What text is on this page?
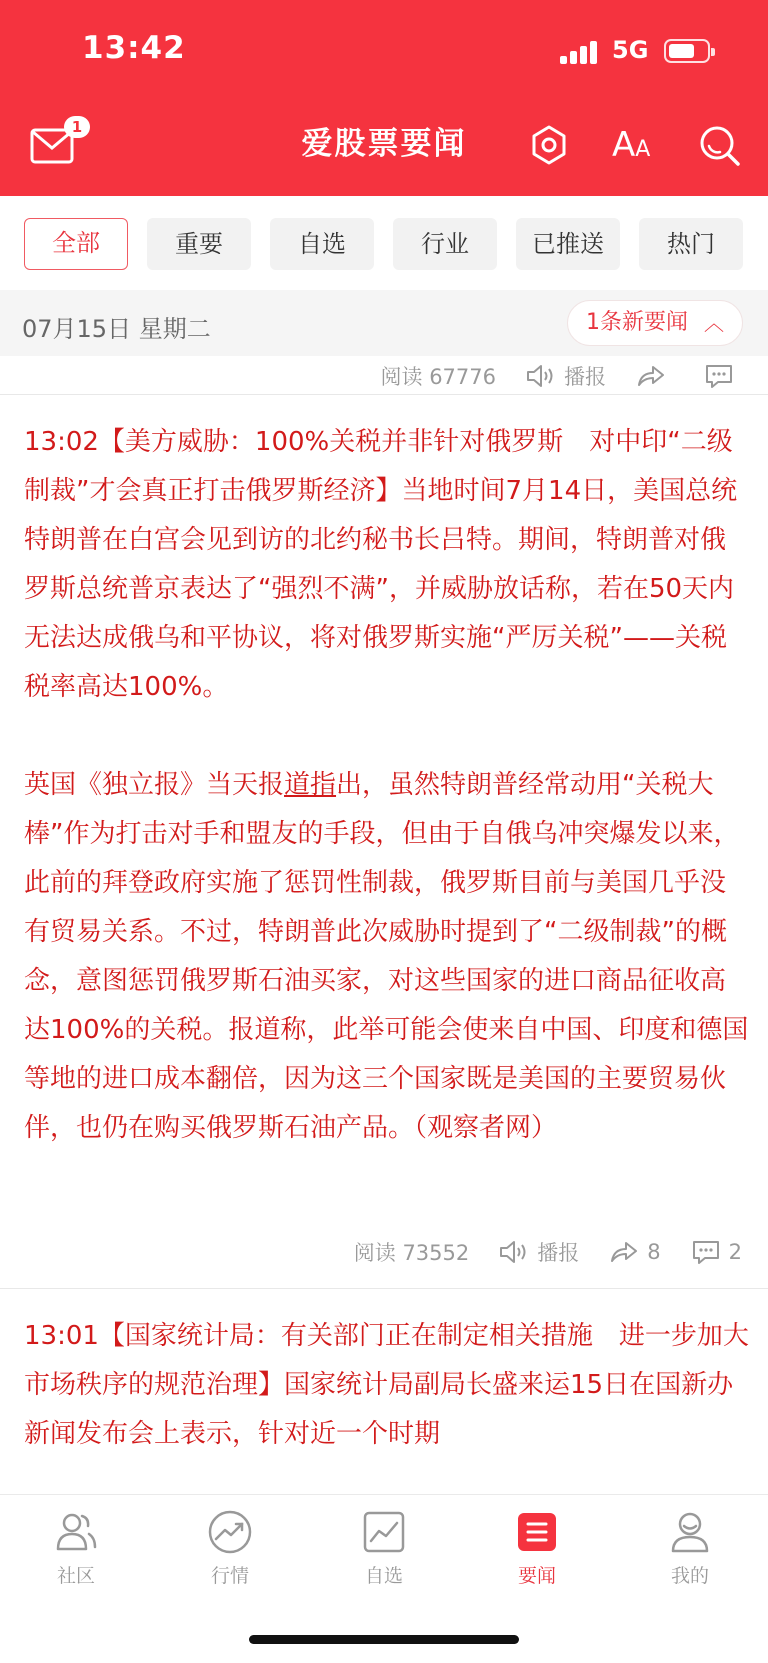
13:42	5G
1	爱股票要闻	AA
全部	重要	自选	行业	已推送	热门
07月15日 星期二	1条新要闻 ︿
阅读 67776	播报

13:02【美方威胁：100%关税并非针对俄罗斯　对中印“二级制裁”才会真正打击俄罗斯经济】当地时间7月14日，美国总统特朗普在白宫会见到访的北约秘书长吕特。期间，特朗普对俄罗斯总统普京表达了“强烈不满”，并威胁放话称，若在50天内无法达成俄乌和平协议，将对俄罗斯实施“严厉关税”——关税税率高达100%。

英国《独立报》当天报道指出，虽然特朗普经常动用“关税大棒”作为打击对手和盟友的手段，但由于自俄乌冲突爆发以来，此前的拜登政府实施了惩罚性制裁，俄罗斯目前与美国几乎没有贸易关系。不过，特朗普此次威胁时提到了“二级制裁”的概念，意图惩罚俄罗斯石油买家，对这些国家的进口商品征收高达100%的关税。报道称，此举可能会使来自中国、印度和德国等地的进口成本翻倍，因为这三个国家既是美国的主要贸易伙伴，也仍在购买俄罗斯石油产品。（观察者网）

阅读 73552	播报	8	2

13:01【国家统计局：有关部门正在制定相关措施　进一步加大市场秩序的规范治理】国家统计局副局长盛来运15日在国新办新闻发布会上表示，针对近一个时期

社区	行情	自选	要闻	我的
